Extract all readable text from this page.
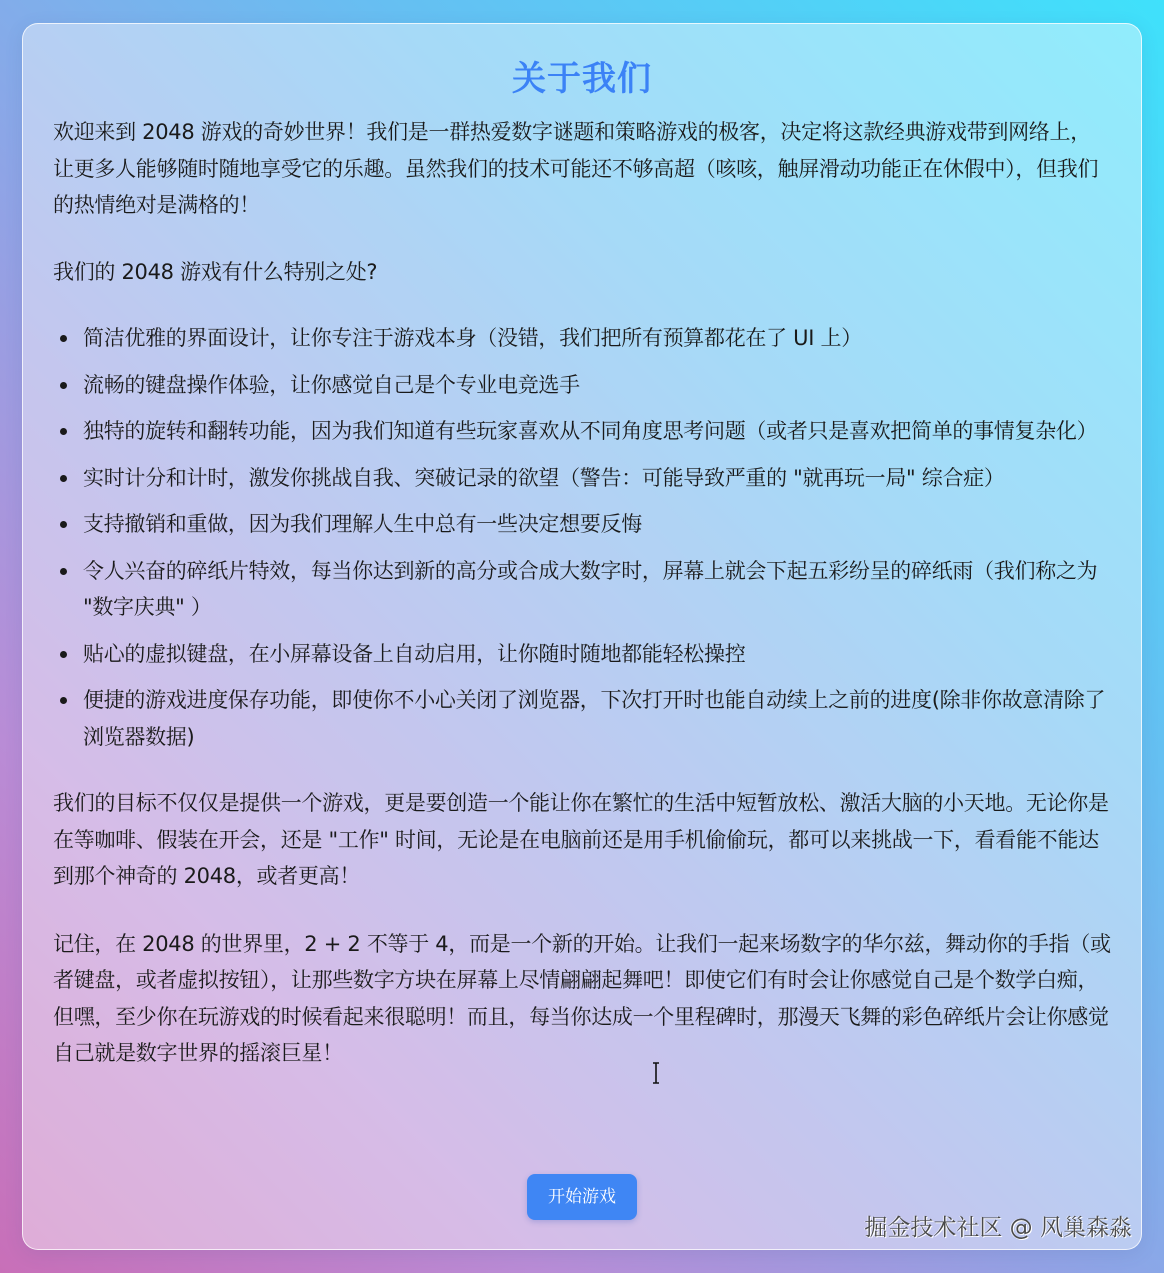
关于我们

欢迎来到 2048 游戏的奇妙世界！我们是一群热爱数字谜题和策略游戏的极客，决定将这款经典游戏带到网络上，让更多人能够随时随地享受它的乐趣。虽然我们的技术可能还不够高超（咳咳，触屏滑动功能正在休假中），但我们的热情绝对是满格的！

我们的 2048 游戏有什么特别之处?

简洁优雅的界面设计，让你专注于游戏本身（没错，我们把所有预算都花在了 UI 上）
流畅的键盘操作体验，让你感觉自己是个专业电竞选手
独特的旋转和翻转功能，因为我们知道有些玩家喜欢从不同角度思考问题（或者只是喜欢把简单的事情复杂化）
实时计分和计时，激发你挑战自我、突破记录的欲望（警告：可能导致严重的 "就再玩一局" 综合症）
支持撤销和重做，因为我们理解人生中总有一些决定想要反悔
令人兴奋的碎纸片特效，每当你达到新的高分或合成大数字时，屏幕上就会下起五彩纷呈的碎纸雨（我们称之为 "数字庆典" ）
贴心的虚拟键盘，在小屏幕设备上自动启用，让你随时随地都能轻松操控
便捷的游戏进度保存功能，即使你不小心关闭了浏览器，下次打开时也能自动续上之前的进度(除非你故意清除了浏览器数据)

我们的目标不仅仅是提供一个游戏，更是要创造一个能让你在繁忙的生活中短暂放松、激活大脑的小天地。无论你是在等咖啡、假装在开会，还是 "工作" 时间，无论是在电脑前还是用手机偷偷玩，都可以来挑战一下，看看能不能达到那个神奇的 2048，或者更高！

记住，在 2048 的世界里，2 + 2 不等于 4，而是一个新的开始。让我们一起来场数字的华尔兹，舞动你的手指（或者键盘，或者虚拟按钮），让那些数字方块在屏幕上尽情翩翩起舞吧！即使它们有时会让你感觉自己是个数学白痴，但嘿，至少你在玩游戏的时候看起来很聪明！而且，每当你达成一个里程碑时，那漫天飞舞的彩色碎纸片会让你感觉自己就是数字世界的摇滚巨星！

开始游戏
掘金技术社区 @ 风巢森淼
